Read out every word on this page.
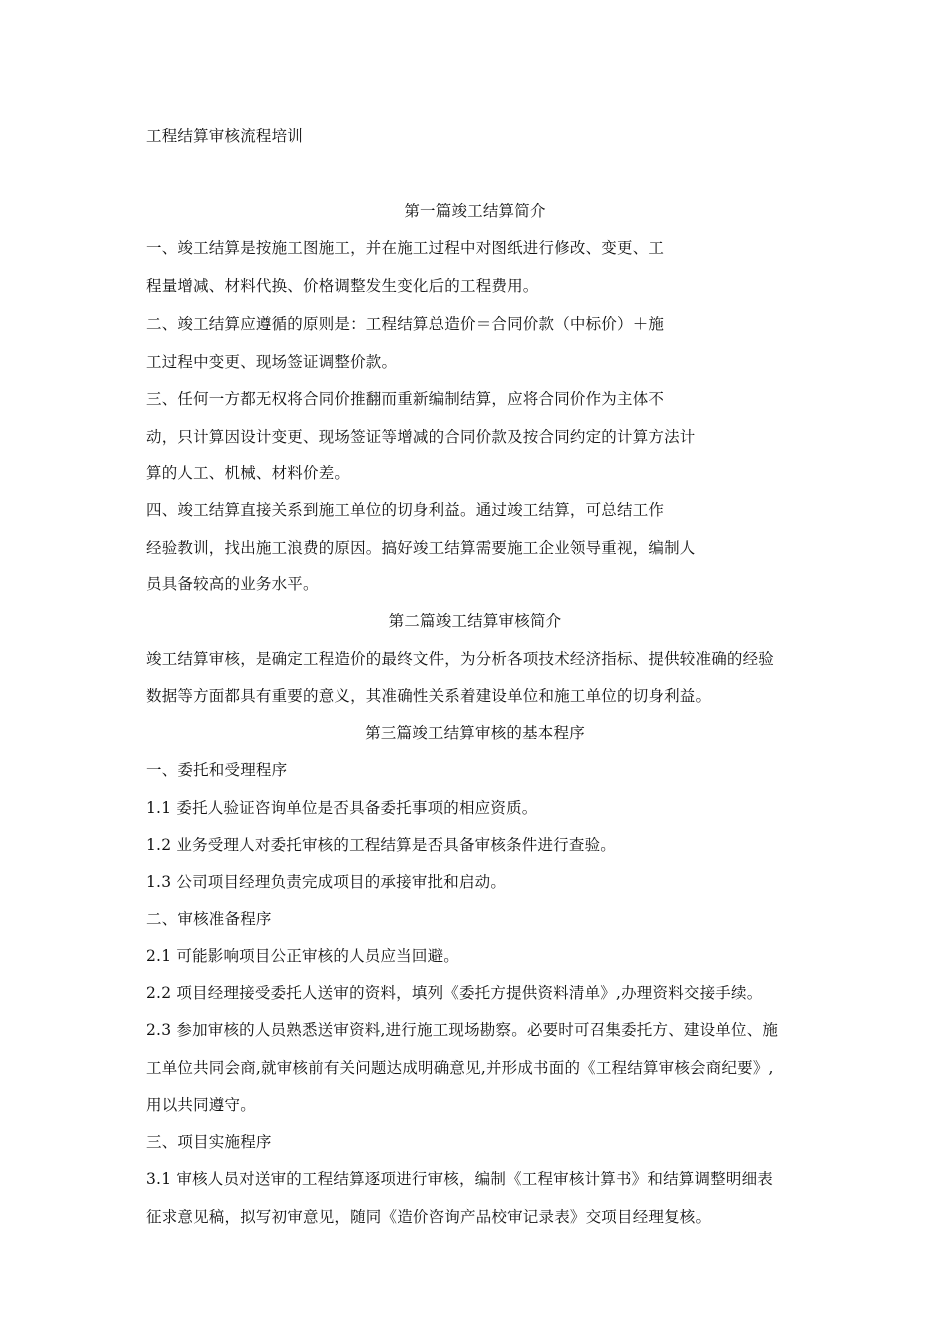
工程结算审核流程培训
第一篇竣工结算简介
一、竣工结算是按施工图施工，并在施工过程中对图纸进行修改、变更、工
程量增减、材料代换、价格调整发生变化后的工程费用。
二、竣工结算应遵循的原则是：工程结算总造价＝合同价款（中标价）＋施
工过程中变更、现场签证调整价款。
三、任何一方都无权将合同价推翻而重新编制结算，应将合同价作为主体不
动，只计算因设计变更、现场签证等增减的合同价款及按合同约定的计算方法计
算的人工、机械、材料价差。
四、竣工结算直接关系到施工单位的切身利益。通过竣工结算，可总结工作
经验教训，找出施工浪费的原因。搞好竣工结算需要施工企业领导重视，编制人
员具备较高的业务水平。
第二篇竣工结算审核简介
竣工结算审核，是确定工程造价的最终文件，为分析各项技术经济指标、提供较准确的经验
数据等方面都具有重要的意义，其准确性关系着建设单位和施工单位的切身利益。
第三篇竣工结算审核的基本程序
一、委托和受理程序
1.1 委托人验证咨询单位是否具备委托事项的相应资质。
1.2 业务受理人对委托审核的工程结算是否具备审核条件进行查验。
1.3 公司项目经理负责完成项目的承接审批和启动。
二、审核准备程序
2.1 可能影响项目公正审核的人员应当回避。
2.2 项目经理接受委托人送审的资料，填列《委托方提供资料清单》,办理资料交接手续。
2.3 参加审核的人员熟悉送审资料,进行施工现场勘察。必要时可召集委托方、建设单位、施
工单位共同会商,就审核前有关问题达成明确意见,并形成书面的《工程结算审核会商纪要》,
用以共同遵守。
三、项目实施程序
3.1 审核人员对送审的工程结算逐项进行审核，编制《工程审核计算书》和结算调整明细表
征求意见稿，拟写初审意见，随同《造价咨询产品校审记录表》交项目经理复核。
